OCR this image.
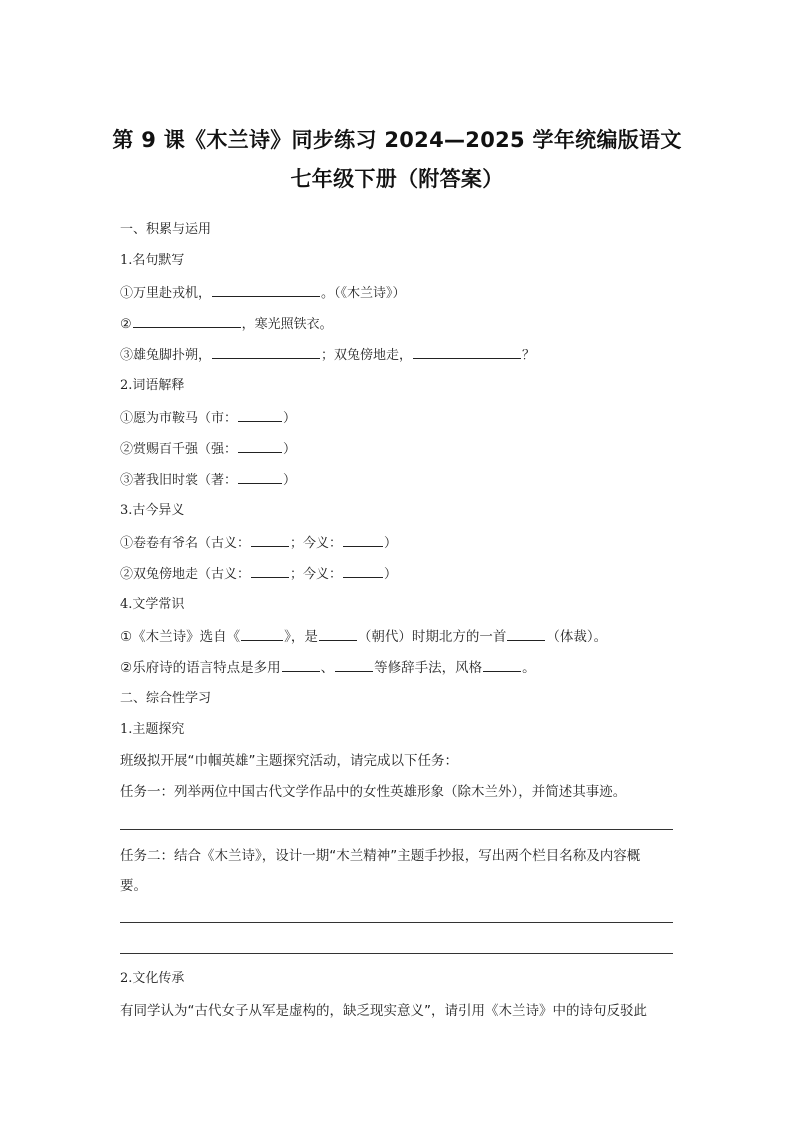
第 9 课《木兰诗》同步练习 2024—2025 学年统编版语文
七年级下册（附答案）
一、积累与运用
1.名句默写
①万里赴戎机，	。（《木兰诗》）
②	，寒光照铁衣。
③雄兔脚扑朔，	；双兔傍地走，	？
2.词语解释
①愿为市鞍马（市：	）
②赏赐百千强（强：	）
③著我旧时裳（著：	）
3.古今异义
①卷卷有爷名（古义：	；今义：	）
②双兔傍地走（古义：	；今义：	）
4.文学常识
①《木兰诗》选自《	》，是	（朝代）时期北方的一首	（体裁）。
②乐府诗的语言特点是多用	、	等修辞手法，风格	。
二、综合性学习
1.主题探究
班级拟开展“巾帼英雄”主题探究活动，请完成以下任务：
任务一：列举两位中国古代文学作品中的女性英雄形象（除木兰外），并简述其事迹。
任务二：结合《木兰诗》，设计一期“木兰精神”主题手抄报，写出两个栏目名称及内容概
要。
2.文化传承
有同学认为“古代女子从军是虚构的，缺乏现实意义”，请引用《木兰诗》中的诗句反驳此
